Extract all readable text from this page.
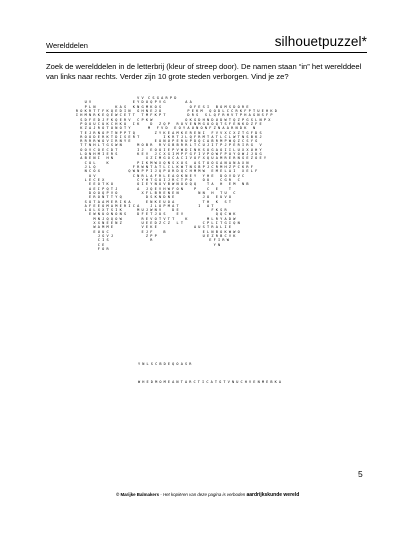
Werelddelen	silhouetpuzzel*
Zoek de werelddelen in de letterbrij (kleur of streep door). De namen staan “in” het werelddeel van links naar rechts. Verder zijn 10 grote steden verborgen. Vind je ze?
V V  C S G A R P D
U V                   E Y D U Q P V G         A A
P L N         K A S   K N G M K O S             O F E S I   B O M S D O R E
R O K R T T F K Q E D I N   G H N E J O            P E K M   Q O D L C C R K F P T U E H K D
I H M N R K E Q E W C E T T   T M F K P T          D R S   S L Q F R H V T P H A G N S F P
S D F E D J F K Q E R V   C P K W               O K G D H N D U D W T Q Z P G S L N P X
P O O U C U K C H K U   I K     D   Z Q P   R O V E N M G O O Q T S F E N K D Z F E
K Z A J R O T U N O T Y        M   F V D   E O Y A U N O N F Z N A A R N D K   N
T E J R N O P T N P P T Q         Z Y K E A M K E R E N I   F V V X C X Z T G F D S
R O O D E R K T D I S E R T           I K R T J L Q F R M T A T L C L W T N S B K J
R R R R W O V I R N Y E           E U N U P E R U P D Q C A B R M P W Q Z C S Y G
T T N H L T G S W N       M O B R   R V G B B R R L T C U J I T P J P E R I R G   V
O O V C O E C D T         I J   E O O I E P V W D I N K S O G A O I I L U X X U H Y
L O N H M I E R S         K E V   J C X G I M P F G F I V P O W F P U Y O W J J U G
A B E N I   H N               X Z I M G O C A C I V O F X Q U A M R E R N G E Z O E Y
C O L     K             P I K M W X Q N S X U S   A S T O O G A N A N A X N
J L Q                 F R W N T A T L C L K W T N S B P J C R M H Z P C K R F
N C O X             Q W N P P I J Q P U R D Q C H M M W   E M E L A I   X E L F
U V                 C N R L A F R L E A O K N E Y   Y H E   D O V D V C
L E C E X               C Y H T G O I J R C T P O     O U     C G R   C
E E O T K O           O I E Y N O V B W N O O Q Q     T A   H   E M   N B
A E I P Q T J         A   J Q E V H W F O N     P     C   E     T
D O O Q P V O           X F L B R E N E N         N N   H   T U   C
E R O N T T Y Q           D S K N D N E             J O   E U V O
S O T A A M E R I K A       E N K E U O A             T H   K   S T
A F E E O M A M E R I C A     J L O P M A T         I   A T
L O L X X T S I K       M U J W N V     D E               F K S R
E W N U O N O N S     D F E T J U S     E V               Q Q C W K
M N J Q Q O W         R E V O T V T T     K         M L R Y A D W
X X N E E N Z         U E E D Z C Z   L T         C P L I T G I Q N
W A M M E             V E K E                 A U S T R A L I E
E U U C               E J F     B                 E L N B O K W W O
J G V J               Z P P                     U E Z R B C V K
C I S                   R                          E F I R W
C E                                                  Y N
F O R

Y N L S C B D E Q O A S R

W H E D M O M E A N T A R C T I C A T G T V N U C H V E N M E B K A

5
© Marijke Balmakers - Het kopiëren van deze pagina is verboden aardrijkskunde wereld
